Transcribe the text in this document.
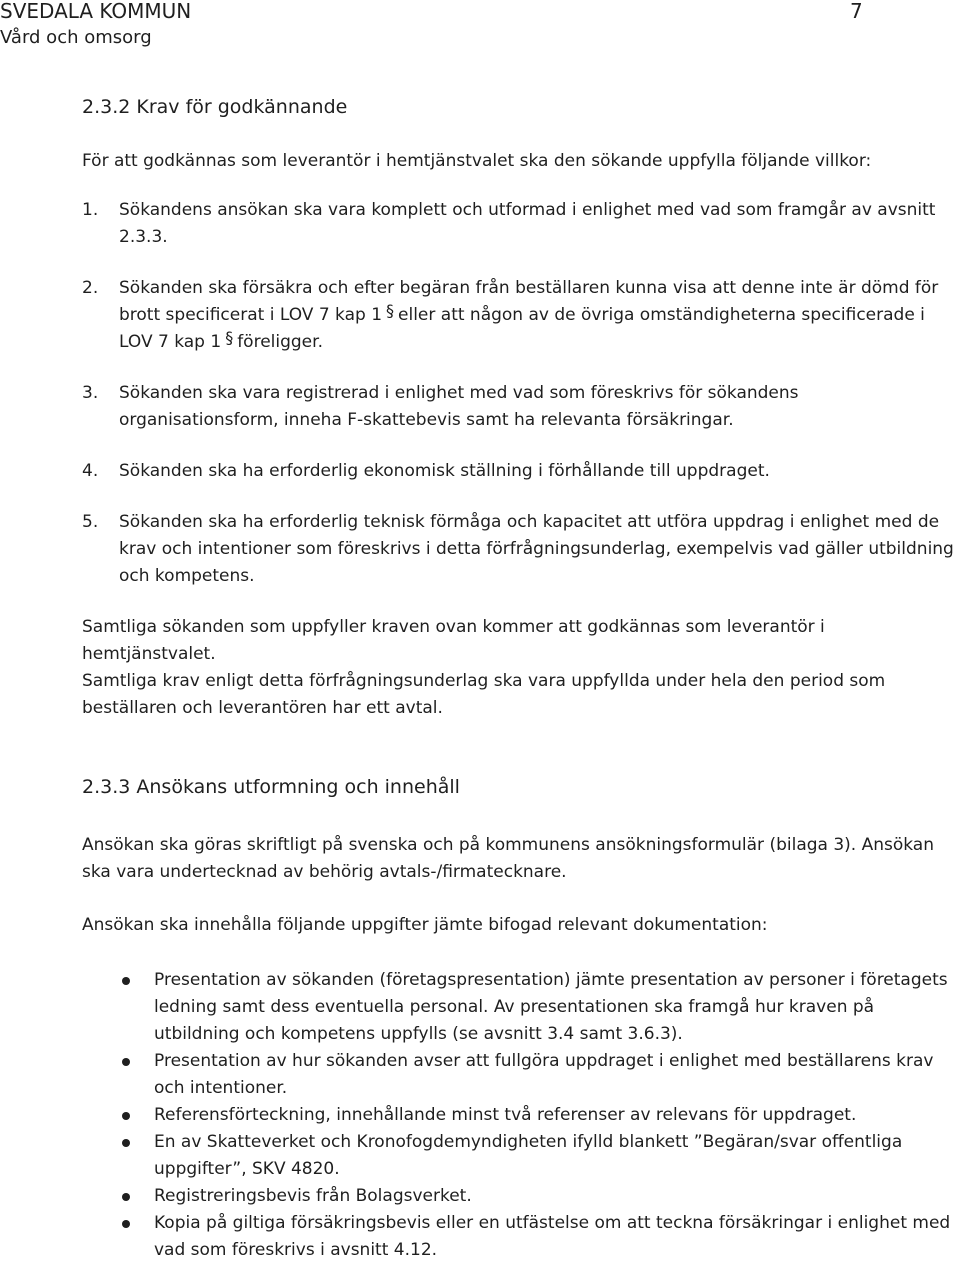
SVEDALA KOMMUN

Vård och omsorg

7

2.3.2 Krav för godkännande

För att godkännas som leverantör i hemtjänstvalet ska den sökande uppfylla följande villkor:

1. Sökandens ansökan ska vara komplett och utformad i enlighet med vad som framgår av avsnitt 2.3.3.
2. Sökanden ska försäkra och efter begäran från beställaren kunna visa att denne inte är dömd för brott specificerat i LOV 7 kap 1 § eller att någon av de övriga omständigheterna specificerade i LOV 7 kap 1 § föreligger.
3. Sökanden ska vara registrerad i enlighet med vad som föreskrivs för sökandens organisationsform, inneha F-skattebevis samt ha relevanta försäkringar.
4. Sökanden ska ha erforderlig ekonomisk ställning i förhållande till uppdraget.
5. Sökanden ska ha erforderlig teknisk förmåga och kapacitet att utföra uppdrag i enlighet med de krav och intentioner som föreskrivs i detta förfrågningsunderlag, exempelvis vad gäller utbildning och kompetens.

Samtliga sökanden som uppfyller kraven ovan kommer att godkännas som leverantör i hemtjänstvalet.

Samtliga krav enligt detta förfrågningsunderlag ska vara uppfyllda under hela den period som beställaren och leverantören har ett avtal.

2.3.3 Ansökans utformning och innehåll

Ansökan ska göras skriftligt på svenska och på kommunens ansökningsformulär (bilaga 3). Ansökan ska vara undertecknad av behörig avtals-/firmatecknare.

Ansökan ska innehålla följande uppgifter jämte bifogad relevant dokumentation:

Presentation av sökanden (företagspresentation) jämte presentation av personer i företagets ledning samt dess eventuella personal. Av presentationen ska framgå hur kraven på utbildning och kompetens uppfylls (se avsnitt 3.4 samt 3.6.3).
Presentation av hur sökanden avser att fullgöra uppdraget i enlighet med beställarens krav och intentioner.
Referensförteckning, innehållande minst två referenser av relevans för uppdraget.
En av Skatteverket och Kronofogdemyndigheten ifylld blankett ”Begäran/svar offentliga uppgifter”, SKV 4820.
Registreringsbevis från Bolagsverket.
Kopia på giltiga försäkringsbevis eller en utfästelse om att teckna försäkringar i enlighet med vad som föreskrivs i avsnitt 4.12.
